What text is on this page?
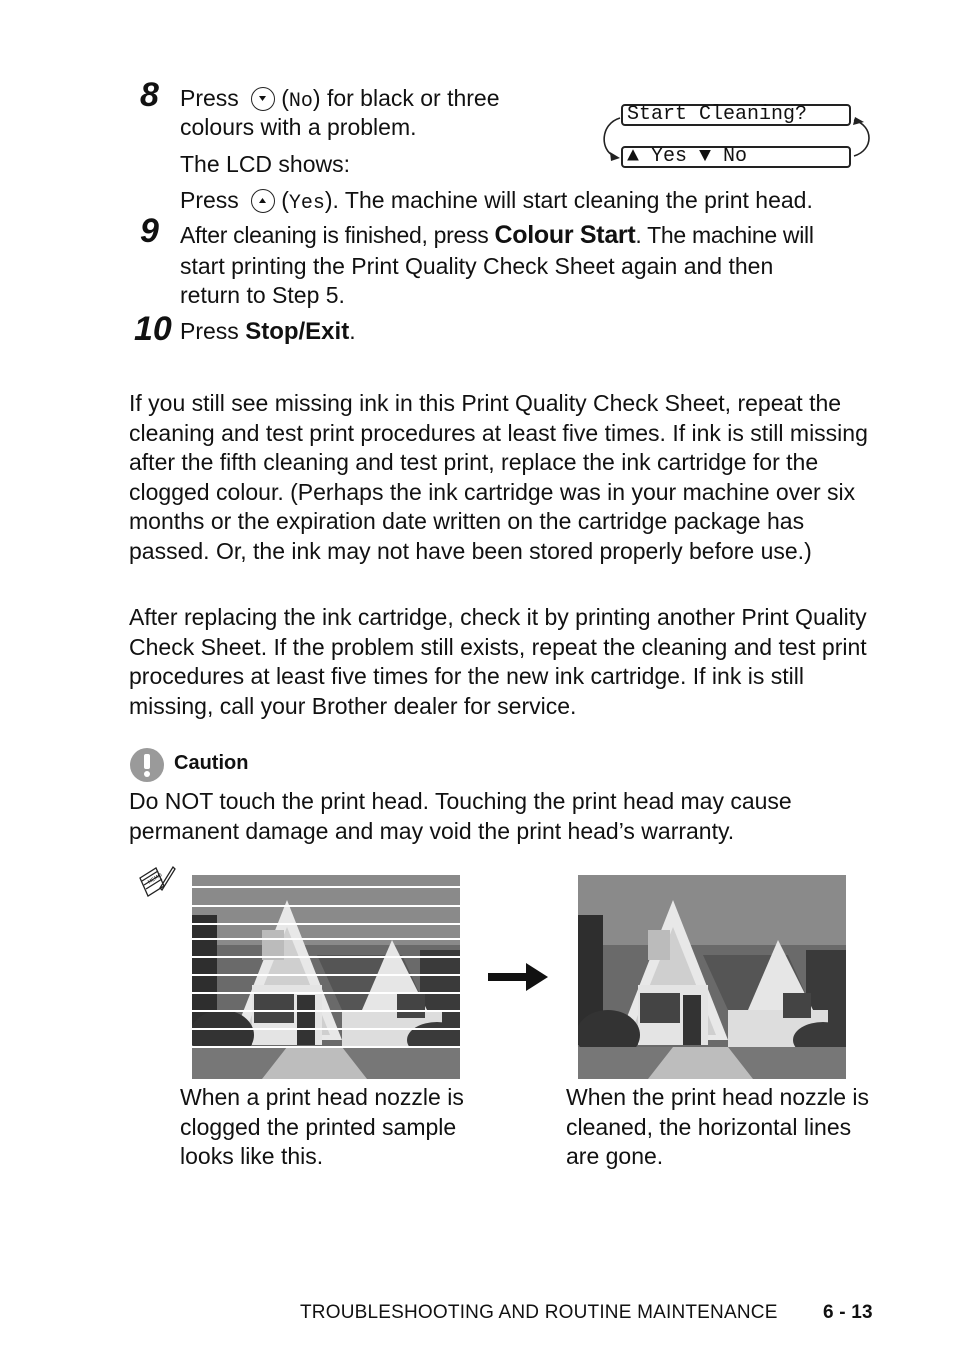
8 Press (No) for black or three
colours with a problem.
The LCD shows:
Press (Yes). The machine will start cleaning the print head.
Start Cleaning?
▲ Yes ▼ No
9 After cleaning is finished, press Colour Start. The machine will
start printing the Print Quality Check Sheet again and then
return to Step 5.
10 Press Stop/Exit.
If you still see missing ink in this Print Quality Check Sheet, repeat the cleaning and test print procedures at least five times. If ink is still missing after the fifth cleaning and test print, replace the ink cartridge for the clogged colour. (Perhaps the ink cartridge was in your machine over six months or the expiration date written on the cartridge package has passed. Or, the ink may not have been stored properly before use.)
After replacing the ink cartridge, check it by printing another Print Quality Check Sheet. If the problem still exists, repeat the cleaning and test print procedures at least five times for the new ink cartridge. If ink is still missing, call your Brother dealer for service.
Caution
Do NOT touch the print head. Touching the print head may cause permanent damage and may void the print head’s warranty.
MEMO
When a print head nozzle is clogged the printed sample looks like this.
When the print head nozzle is cleaned, the horizontal lines are gone.
TROUBLESHOOTING AND ROUTINE MAINTENANCE 6 - 13
